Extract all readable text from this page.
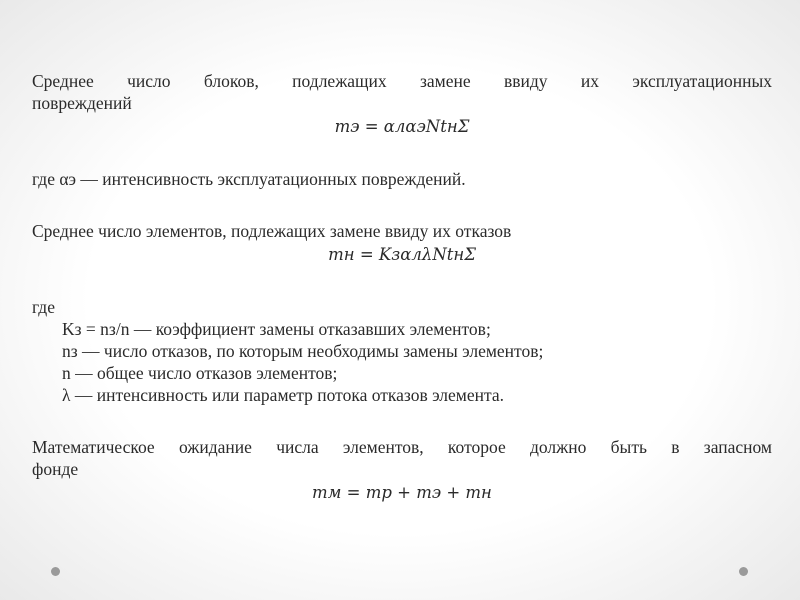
Среднее число блоков, подлежащих замене ввиду их эксплуатационных

повреждений

mэ = αлαэNtнΣ

где αэ — интенсивность эксплуатационных повреждений.

Среднее число элементов, подлежащих замене ввиду их отказов

mн = KзαлλNtнΣ

где

Kз = nз/n — коэффициент замены отказавших элементов;

nз — число отказов, по которым необходимы замены элементов;

n — общее число отказов элементов;

λ — интенсивность или параметр потока отказов элемента.

Математическое ожидание числа элементов, которое должно быть в запасном

фонде

mм = mр + mэ + mн
